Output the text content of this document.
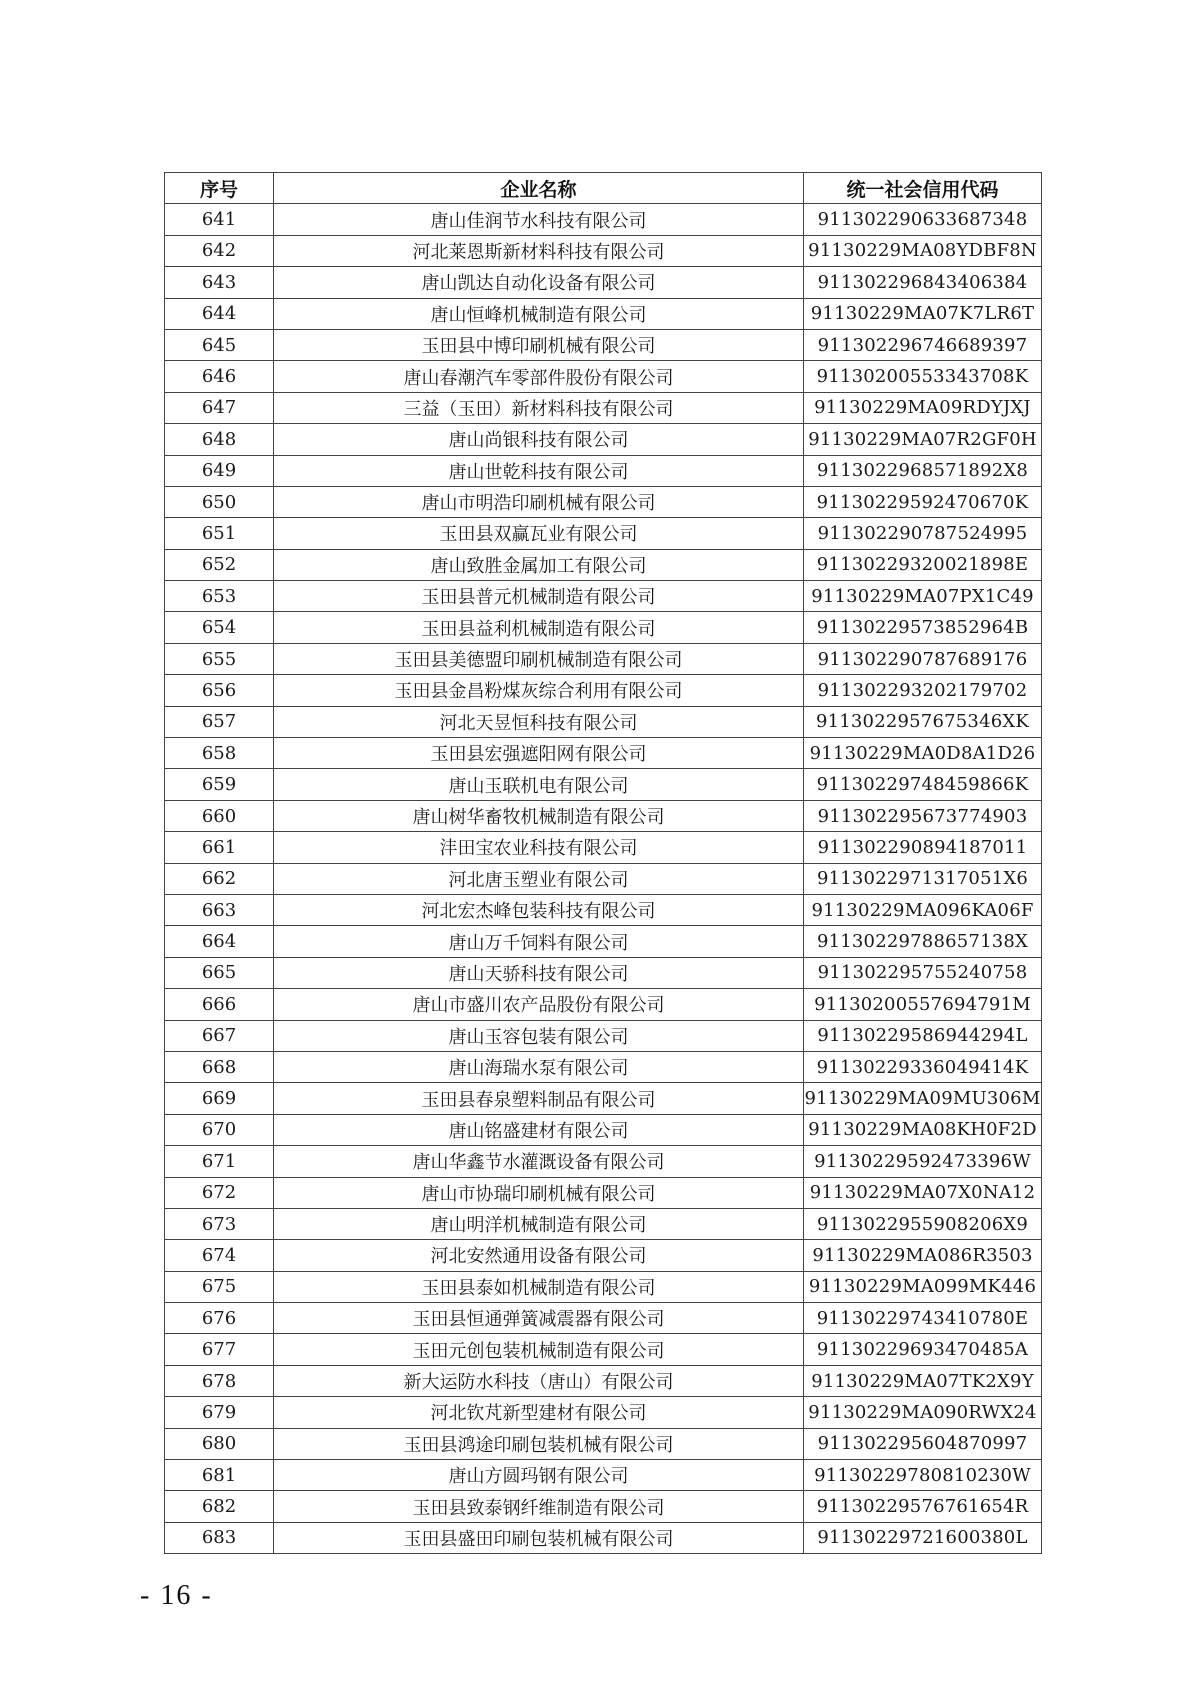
序号	企业名称	统一社会信用代码
641	唐山佳润节水科技有限公司	911302290633687348
642	河北莱恩斯新材料科技有限公司	91130229MA08YDBF8N
643	唐山凯达自动化设备有限公司	911302296843406384
644	唐山恒峰机械制造有限公司	91130229MA07K7LR6T
645	玉田县中博印刷机械有限公司	911302296746689397
646	唐山春潮汽车零部件股份有限公司	91130200553343708K
647	三益（玉田）新材料科技有限公司	91130229MA09RDYJXJ
648	唐山尚银科技有限公司	91130229MA07R2GF0H
649	唐山世乾科技有限公司	9113022968571892X8
650	唐山市明浩印刷机械有限公司	91130229592470670K
651	玉田县双赢瓦业有限公司	911302290787524995
652	唐山致胜金属加工有限公司	91130229320021898E
653	玉田县普元机械制造有限公司	91130229MA07PX1C49
654	玉田县益利机械制造有限公司	91130229573852964B
655	玉田县美德盟印刷机械制造有限公司	911302290787689176
656	玉田县金昌粉煤灰综合利用有限公司	911302293202179702
657	河北天昱恒科技有限公司	9113022957675346XK
658	玉田县宏强遮阳网有限公司	91130229MA0D8A1D26
659	唐山玉联机电有限公司	91130229748459866K
660	唐山树华畜牧机械制造有限公司	911302295673774903
661	沣田宝农业科技有限公司	911302290894187011
662	河北唐玉塑业有限公司	9113022971317051X6
663	河北宏杰峰包装科技有限公司	91130229MA096KA06F
664	唐山万千饲料有限公司	91130229788657138X
665	唐山天骄科技有限公司	911302295755240758
666	唐山市盛川农产品股份有限公司	91130200557694791M
667	唐山玉容包装有限公司	91130229586944294L
668	唐山海瑞水泵有限公司	91130229336049414K
669	玉田县春泉塑料制品有限公司	91130229MA09MU306M
670	唐山铭盛建材有限公司	91130229MA08KH0F2D
671	唐山华鑫节水灌溉设备有限公司	91130229592473396W
672	唐山市协瑞印刷机械有限公司	91130229MA07X0NA12
673	唐山明洋机械制造有限公司	9113022955908206X9
674	河北安然通用设备有限公司	91130229MA086R3503
675	玉田县泰如机械制造有限公司	91130229MA099MK446
676	玉田县恒通弹簧减震器有限公司	91130229743410780E
677	玉田元创包装机械制造有限公司	91130229693470485A
678	新大运防水科技（唐山）有限公司	91130229MA07TK2X9Y
679	河北钦芃新型建材有限公司	91130229MA090RWX24
680	玉田县鸿途印刷包装机械有限公司	911302295604870997
681	唐山方圆玛钢有限公司	91130229780810230W
682	玉田县致泰钢纤维制造有限公司	91130229576761654R
683	玉田县盛田印刷包装机械有限公司	91130229721600380L
- 16 -
